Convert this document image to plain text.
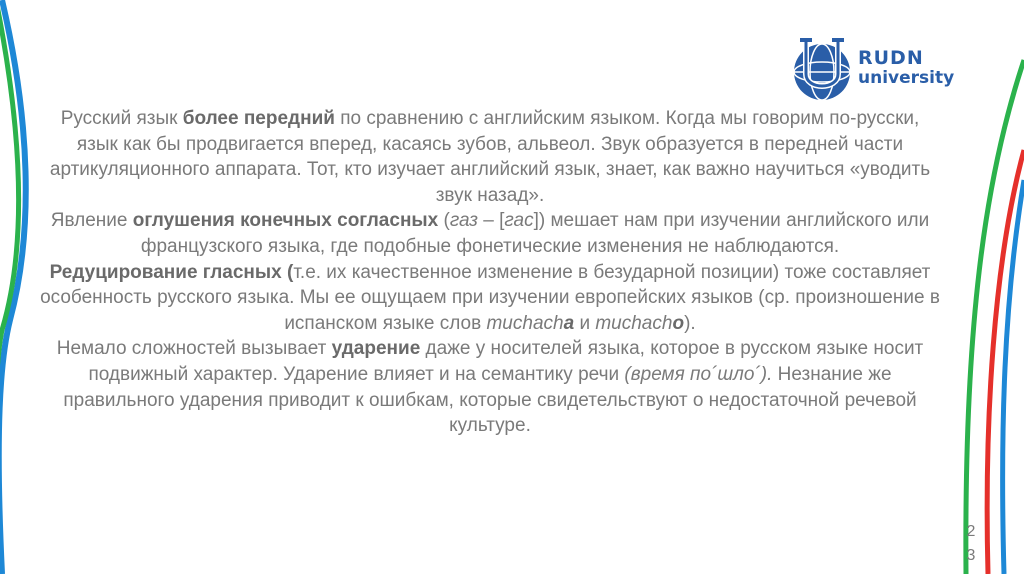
RUDN
university

Русский язык более передний по сравнению с английским языком. Когда мы говорим по-русски, язык как бы продвигается вперед, касаясь зубов, альвеол. Звук образуется в передней части артикуляционного аппарата. Тот, кто изучает английский язык, знает, как важно научиться «уводить звук назад».

Явление оглушения конечных согласных (газ – [гас]) мешает нам при изучении английского или французского языка, где подобные фонетические изменения не наблюдаются.

Редуцирование гласных (т.е. их качественное изменение в безударной позиции) тоже составляет особенность русского языка. Мы ее ощущаем при изучении европейских языков (ср. произношение в испанском языке слов muchacha и muchacho).

Немало сложностей вызывает ударение даже у носителей языка, которое в русском языке носит подвижный характер. Ударение влияет и на семантику речи (время по´шло´). Незнание же правильного ударения приводит к ошибкам, которые свидетельствуют о недостаточной речевой культуре.

2
3
